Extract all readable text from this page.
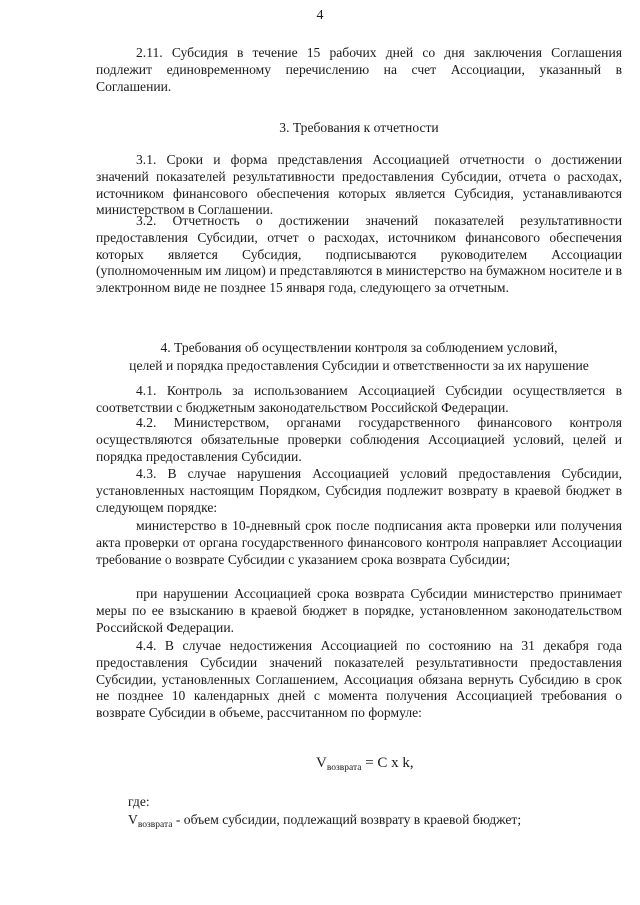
4

2.11. Субсидия в течение 15 рабочих дней со дня заключения Соглашения подлежит единовременному перечислению на счет Ассоциации, указанный в Соглашении.

3. Требования к отчетности

3.1. Сроки и форма представления Ассоциацией отчетности о достижении значений показателей результативности предоставления Субсидии, отчета о расходах, источником финансового обеспечения которых является Субсидия, устанавливаются министерством в Соглашении.

3.2. Отчетность о достижении значений показателей результативности предоставления Субсидии, отчет о расходах, источником финансового обеспечения которых является Субсидия, подписываются руководителем Ассоциации (уполномоченным им лицом) и представляются в министерство на бумажном носителе и в электронном виде не позднее 15 января года, следующего за отчетным.

4. Требования об осуществлении контроля за соблюдением условий,
целей и порядка предоставления Субсидии и ответственности за их нарушение

4.1. Контроль за использованием Ассоциацией Субсидии осуществляется в соответствии с бюджетным законодательством Российской Федерации.

4.2. Министерством, органами государственного финансового контроля осуществляются обязательные проверки соблюдения Ассоциацией условий, целей и порядка предоставления Субсидии.

4.3. В случае нарушения Ассоциацией условий предоставления Субсидии, установленных настоящим Порядком, Субсидия подлежит возврату в краевой бюджет в следующем порядке:

министерство в 10-дневный срок после подписания акта проверки или получения акта проверки от органа государственного финансового контроля направляет Ассоциации требование о возврате Субсидии с указанием срока возврата Субсидии;

при нарушении Ассоциацией срока возврата Субсидии министерство принимает меры по ее взысканию в краевой бюджет в порядке, установленном законодательством Российской Федерации.

4.4. В случае недостижения Ассоциацией по состоянию на 31 декабря года предоставления Субсидии значений показателей результативности предоставления Субсидии, установленных Соглашением, Ассоциация обязана вернуть Субсидию в срок не позднее 10 календарных дней с момента получения Ассоциацией требования о возврате Субсидии в объеме, рассчитанном по формуле:

$V_{возврата} = C$ x k,
где:
$V_{возврата}$ - объем субсидии, подлежащий возврату в краевой бюджет;
